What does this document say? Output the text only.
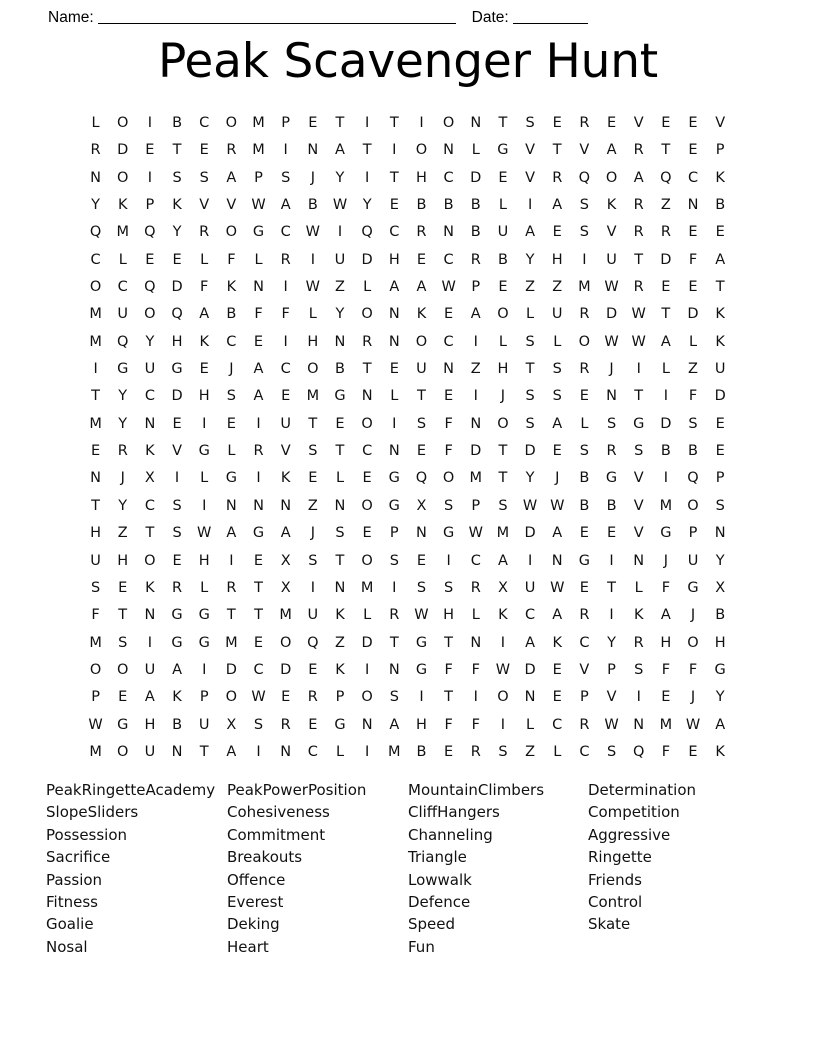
Name:	Date:
Peak Scavenger Hunt
L	O	I	B	C	O	M	P	E	T	I	T	I	O	N	T	S	E	R	E	V	E	E	V
R	D	E	T	E	R	M	I	N	A	T	I	O	N	L	G	V	T	V	A	R	T	E	P
N	O	I	S	S	A	P	S	J	Y	I	T	H	C	D	E	V	R	Q	O	A	Q	C	K
Y	K	P	K	V	V	W	A	B	W	Y	E	B	B	B	L	I	A	S	K	R	Z	N	B
Q	M	Q	Y	R	O	G	C	W	I	Q	C	R	N	B	U	A	E	S	V	R	R	E	E
C	L	E	E	L	F	L	R	I	U	D	H	E	C	R	B	Y	H	I	U	T	D	F	A
O	C	Q	D	F	K	N	I	W	Z	L	A	A	W	P	E	Z	Z	M W	R	E	E	T
M	U	O	Q	A	B	F	F	L	Y	O	N	K	E	A	O	L	U	R	D W	T	D	K
M	Q	Y	H	K	C	E	I	H	N	R	N	O	C	I	L	S	L	O W W	A	L	K
I	G	U	G	E	J	A	C	O	B	T	E	U	N	Z	H	T	S	R	J	I	L	Z	U
T	Y	C	D	H	S	A	E	M	G	N	L	T	E	I	J	S	S	E	N	T	I	F	D
M	Y	N	E	I	E	I	U	T	E	O	I	S	F	N	O	S	A	L	S	G	D	S	E
E	R	K	V	G	L	R	V	S	T	C	N	E	F	D	T	D	E	S	R	S	B	B	E
N	J	X	I	L	G	I	K	E	L	E	G	Q	O	M	T	Y	J	B	G	V	I	Q	P
T	Y	C	S	I	N	N	N	Z	N	O	G	X	S	P	S	W W	B	B	V	M	O	S
H	Z	T	S	W	A	G	A	J	S	E	P	N	G W M	D	A	E	E	V	G	P	N
U	H	O	E	H	I	E	X	S	T	O	S	E	I	C	A	I	N	G	I	N	J	U	Y
S	E	K	R	L	R	T	X	I	N	M	I	S	S	R	X	U	W	E	T	L	F	G	X
F	T	N	G	G	T	T	M	U	K	L	R	W	H	L	K	C	A	R	I	K	A	J	B
M	S	I	G	G	M	E	O	Q	Z	D	T	G	T	N	I	A	K	C	Y	R	H	O	H
O	O	U	A	I	D	C	D	E	K	I	N	G	F	F	W D	E	V	P	S	F	F	G
P	E	A	K	P	O W	E	R	P	O	S	I	T	I	O	N	E	P	V	I	E	J	Y
W G	H	B	U	X	S	R	E	G	N	A	H	F	F	I	L	C	R	W	N	M W	A
M	O	U	N	T	A	I	N	C	L	I	M	B	E	R	S	Z	L	C	S	Q	F	E	K
PeakRingetteAcademy
SlopeSliders
Possession
Sacrifice
Passion
Fitness
Goalie
Nosal
PeakPowerPosition
Cohesiveness
Commitment
Breakouts
Offence
Everest
Deking
Heart
MountainClimbers
CliffHangers
Channeling
Triangle
Lowwalk
Defence
Speed
Fun
Determination
Competition
Aggressive
Ringette
Friends
Control
Skate
